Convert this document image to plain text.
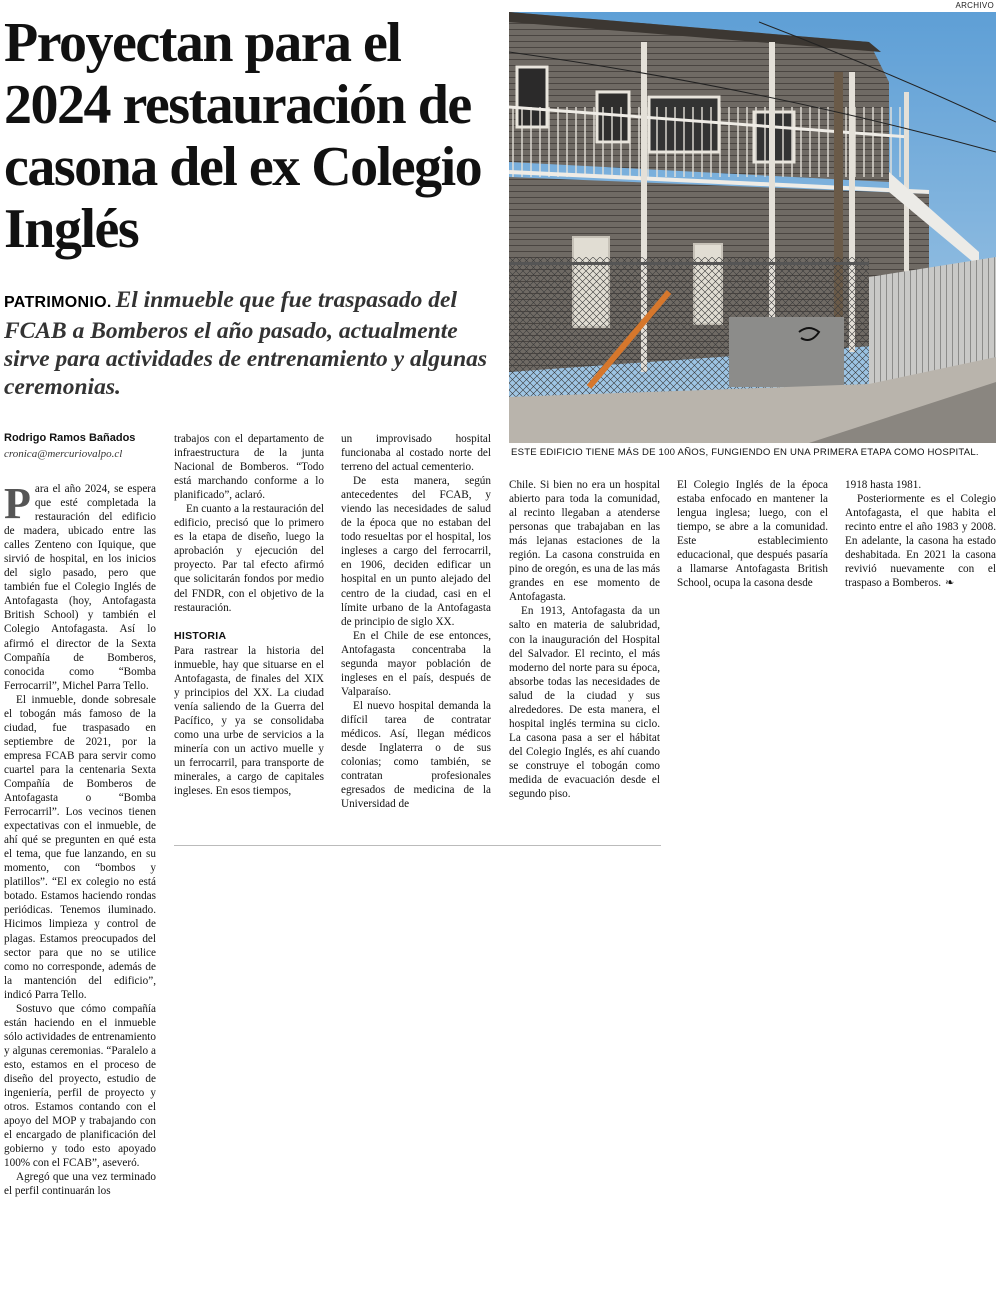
Proyectan para el 2024 restauración de casona del ex Colegio Inglés
PATRIMONIO. El inmueble que fue traspasado del FCAB a Bomberos el año pasado, actualmente sirve para actividades de entrenamiento y algunas ceremonias.
ARCHIVO
ESTE EDIFICIO TIENE MÁS DE 100 AÑOS, FUNGIENDO EN UNA PRIMERA ETAPA COMO HOSPITAL.
Rodrigo Ramos Bañados
cronica@mercuriovalpo.cl

Para el año 2024, se espera que esté completada la restauración del edificio de madera, ubicado entre las calles Zenteno con Iquique, que sirvió de hospital, en los inicios del siglo pasado, pero que también fue el Colegio Inglés de Antofagasta (hoy, Antofagasta British School) y también el Colegio Antofagasta. Así lo afirmó el director de la Sexta Compañía de Bomberos, conocida como “Bomba Ferrocarril”, Michel Parra Tello.

El inmueble, donde sobresale el tobogán más famoso de la ciudad, fue traspasado en septiembre de 2021, por la empresa FCAB para servir como cuartel para la centenaria Sexta Compañía de Bomberos de Antofagasta o “Bomba Ferrocarril”. Los vecinos tienen expectativas con el inmueble, de ahí qué se pregunten en qué esta el tema, que fue lanzando, en su momento, con “bombos y platillos”. “El ex colegio no está botado. Estamos haciendo rondas periódicas. Tenemos iluminado. Hicimos limpieza y control de plagas. Estamos preocupados del sector para que no se utilice como no corresponde, además de la mantención del edificio”, indicó Parra Tello.

Sostuvo que cómo compañía están haciendo en el inmueble sólo actividades de entrenamiento y algunas ceremonias. “Paralelo a esto, estamos en el proceso de diseño del proyecto, estudio de ingeniería, perfil de proyecto y otros. Estamos contando con el apoyo del MOP y trabajando con el encargado de planificación del gobierno y todo esto apoyado 100% con el FCAB”, aseveró.

Agregó que una vez terminado el perfil continuarán los

trabajos con el departamento de infraestructura de la junta Nacional de Bomberos. “Todo está marchando conforme a lo planificado”, aclaró.

En cuanto a la restauración del edificio, precisó que lo primero es la etapa de diseño, luego la aprobación y ejecución del proyecto. Par tal efecto afirmó que solicitarán fondos por medio del FNDR, con el objetivo de la restauración.

HISTORIA

Para rastrear la historia del inmueble, hay que situarse en el Antofagasta, de finales del XIX y principios del XX. La ciudad venía saliendo de la Guerra del Pacífico, y ya se consolidaba como una urbe de servicios a la minería con un activo muelle y un ferrocarril, para transporte de minerales, a cargo de capitales ingleses. En esos tiempos,

un improvisado hospital funcionaba al costado norte del terreno del actual cementerio.

De esta manera, según antecedentes del FCAB, y viendo las necesidades de salud de la época que no estaban del todo resueltas por el hospital, los ingleses a cargo del ferrocarril, en 1906, deciden edificar un hospital en un punto alejado del centro de la ciudad, casi en el límite urbano de la Antofagasta de principio de siglo XX.

En el Chile de ese entonces, Antofagasta concentraba la segunda mayor población de ingleses en el país, después de Valparaíso.

El nuevo hospital demanda la difícil tarea de contratar médicos. Así, llegan médicos desde Inglaterra o de sus colonias; como también, se contratan profesionales egresados de medicina de la Universidad de

Chile. Si bien no era un hospital abierto para toda la comunidad, al recinto llegaban a atenderse personas que trabajaban en las más lejanas estaciones de la región. La casona construida en pino de oregón, es una de las más grandes en ese momento de Antofagasta.

En 1913, Antofagasta da un salto en materia de salubridad, con la inauguración del Hospital del Salvador. El recinto, el más moderno del norte para su época, absorbe todas las necesidades de salud de la ciudad y sus alrededores. De esta manera, el hospital inglés termina su ciclo. La casona pasa a ser el hábitat del Colegio Inglés, es ahí cuando se construye el tobogán como medida de evacuación desde el segundo piso.

El Colegio Inglés de la época estaba enfocado en mantener la lengua inglesa; luego, con el tiempo, se abre a la comunidad. Este establecimiento educacional, que después pasaría a llamarse Antofagasta British School, ocupa la casona desde

1918 hasta 1981.

Posteriormente es el Colegio Antofagasta, el que habita el recinto entre el año 1983 y 2008. En adelante, la casona ha estado deshabitada. En 2021 la casona revivió nuevamente con el traspaso a Bomberos. ❧
